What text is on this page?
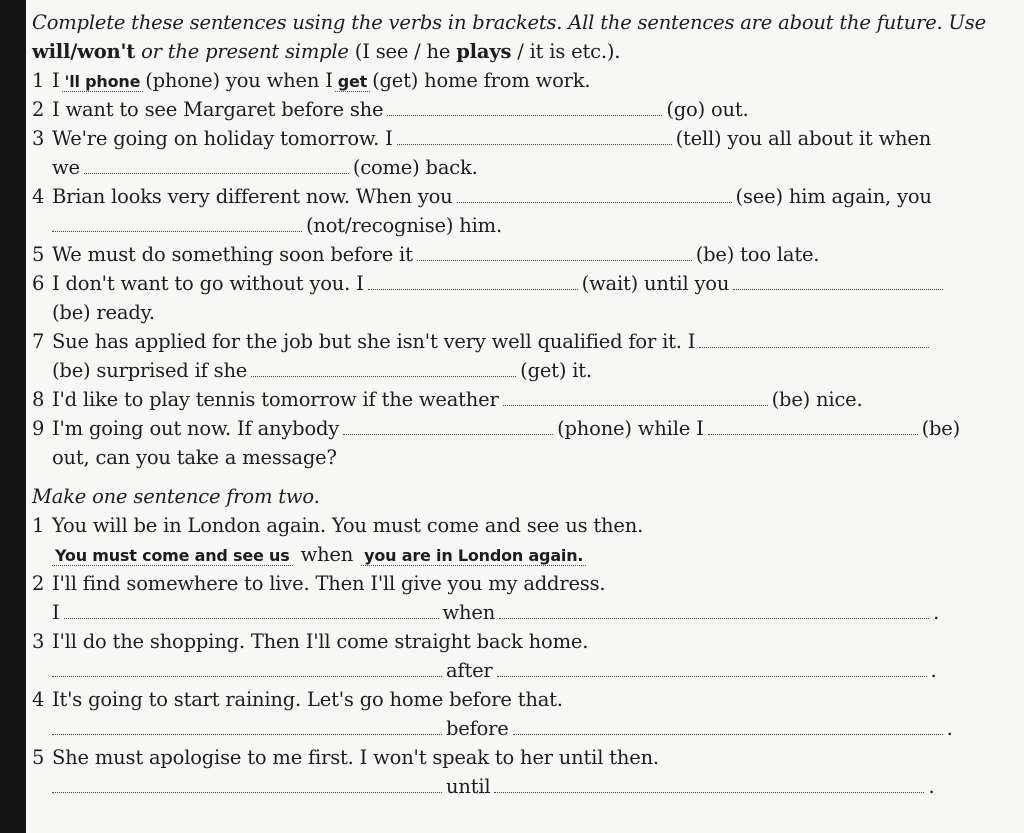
Complete these sentences using the verbs in brackets. All the sentences are about the future. Use
will/won't or the present simple (I see / he plays / it is etc.).
1 I 'll phone (phone) you when I get (get) home from work.
2 I want to see Margaret before she	(go) out.
3 We're going on holiday tomorrow. I	(tell) you all about it when
we	(come) back.
4 Brian looks very different now. When you	(see) him again, you
(not/recognise) him.
5 We must do something soon before it	(be) too late.
6 I don't want to go without you. I	(wait) until you
(be) ready.
7 Sue has applied for the job but she isn't very well qualified for it. I
(be) surprised if she	(get) it.
8 I'd like to play tennis tomorrow if the weather	(be) nice.
9 I'm going out now. If anybody	(phone) while I	(be)
out, can you take a message?
Make one sentence from two.
1 You will be in London again. You must come and see us then.
You must come and see us when you are in London again.
2 I'll find somewhere to live. Then I'll give you my address.
I	when	.
3 I'll do the shopping. Then I'll come straight back home.
after	.
4 It's going to start raining. Let's go home before that.
before	.
5 She must apologise to me first. I won't speak to her until then.
until	.
